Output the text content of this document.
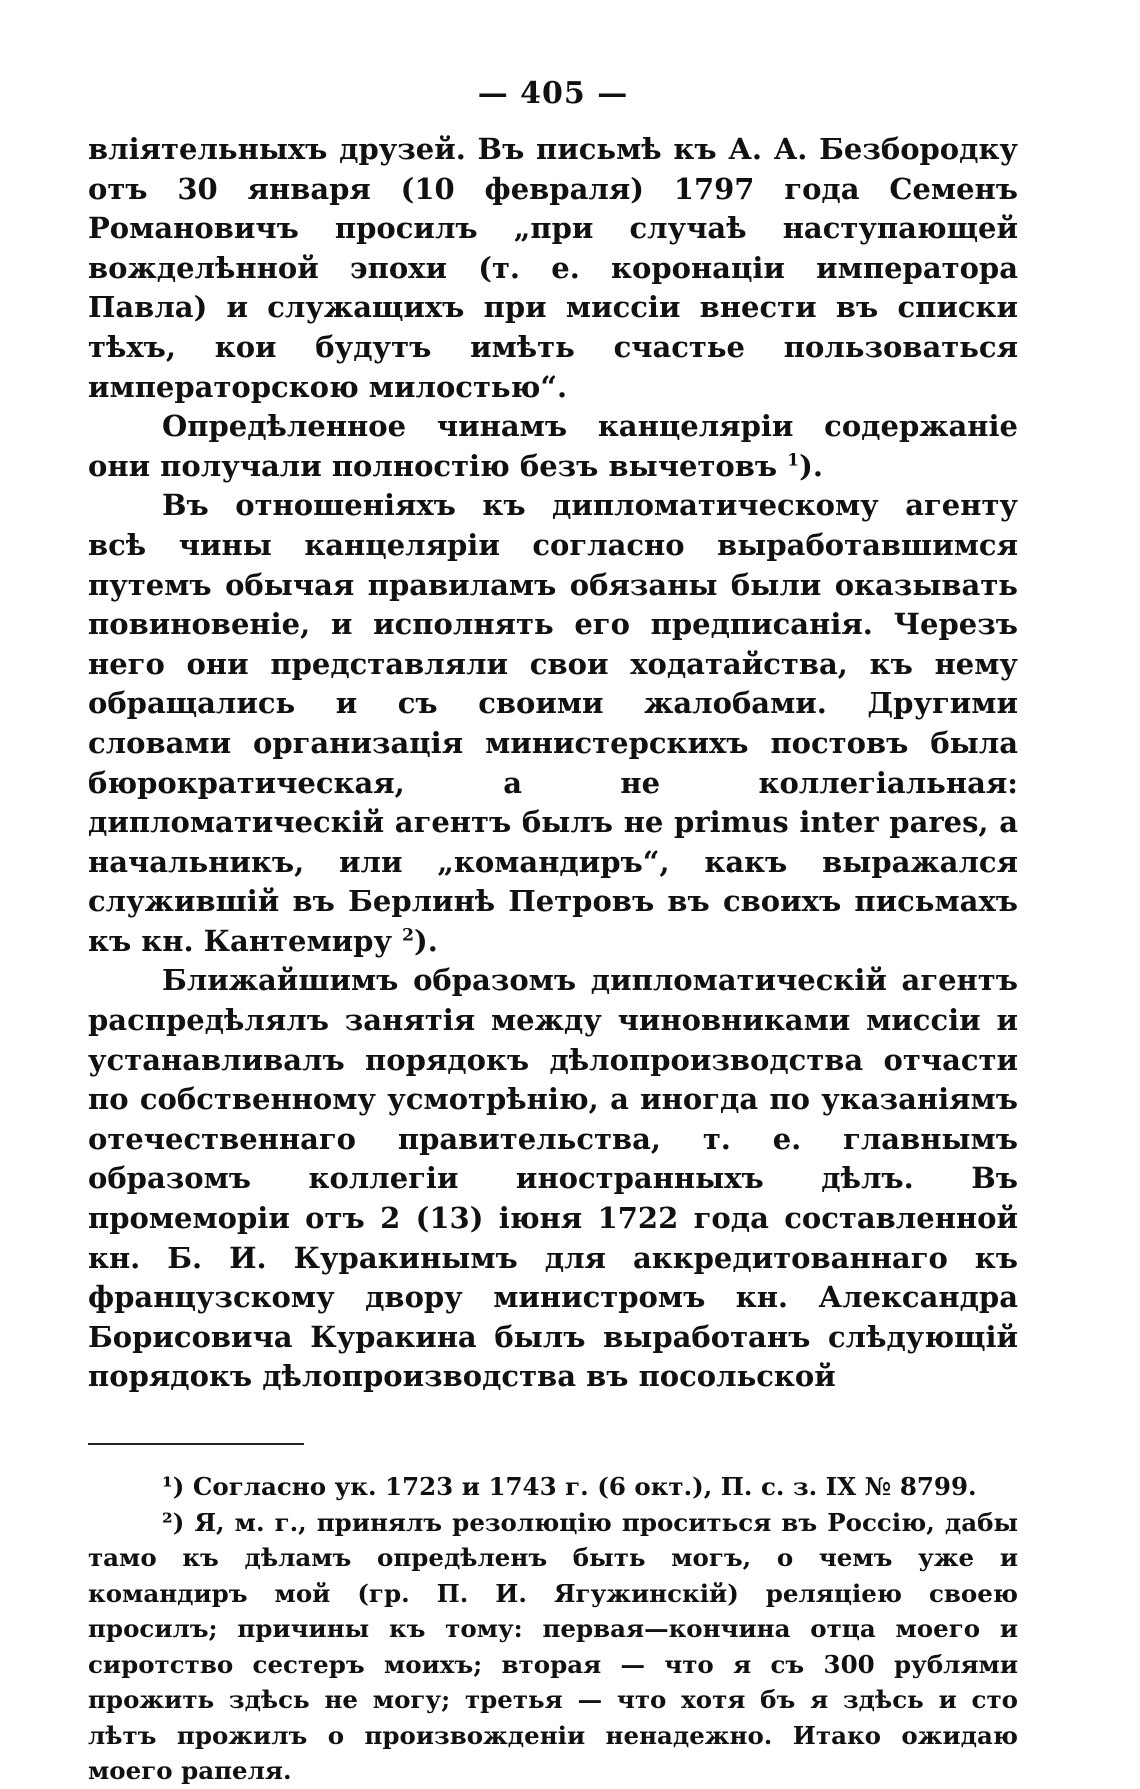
— 405 —

вліятельныхъ друзей. Въ письмѣ къ А. А. Безбородку отъ 30 января (10 февраля) 1797 года Семенъ Романовичъ просилъ „при случаѣ наступающей вожделѣнной эпохи (т. е. коронаціи императора Павла) и служащихъ при миссіи внести въ списки тѣхъ, кои будутъ имѣть счастье пользоваться императорскою милостью“.

Опредѣленное чинамъ канцеляріи содержаніе они получали полностію безъ вычетовъ $^1$).

Въ отношеніяхъ къ дипломатическому агенту всѣ чины канцеляріи согласно выработавшимся путемъ обычая правиламъ обязаны были оказывать повиновеніе, и исполнять его предписанія. Черезъ него они представляли свои ходатайства, къ нему обращались и съ своими жалобами. Другими словами организація министерскихъ постовъ была бюрократическая, а не коллегіальная: дипломатическій агентъ былъ не primus inter pares, а начальникъ, или „командиръ“, какъ выражался служившій въ Берлинѣ Петровъ въ своихъ письмахъ къ кн. Кантемиру $^2$).

Ближайшимъ образомъ дипломатическій агентъ распредѣлялъ занятія между чиновниками миссіи и устанавливалъ порядокъ дѣлопроизводства отчасти по собственному усмотрѣнію, а иногда по указаніямъ отечественнаго правительства, т. е. главнымъ образомъ коллегіи иностранныхъ дѣлъ. Въ промеморіи отъ 2 (13) іюня 1722 года составленной кн. Б. И. Куракинымъ для аккредитованнаго къ французскому двору министромъ кн. Александра Борисовича Куракина былъ выработанъ слѣдующій порядокъ дѣлопроизводства въ посольской

¹) Согласно ук. 1723 и 1743 г. (6 окт.), П. с. з. IX № 8799.

²) Я, м. г., принялъ резолюцію проситься въ Россію, дабы тамо къ дѣламъ опредѣленъ быть могъ, о чемъ уже и командиръ мой (гр. П. И. Ягужинскій) реляціею своею просилъ; причины къ тому: первая—кончина отца моего и сиротство сестеръ моихъ; вторая — что я съ 300 рублями прожить здѣсь не могу; третья — что хотя бъ я здѣсь и сто лѣтъ прожилъ о произвожденіи ненадежно. Итако ожидаю моего рапеля.
